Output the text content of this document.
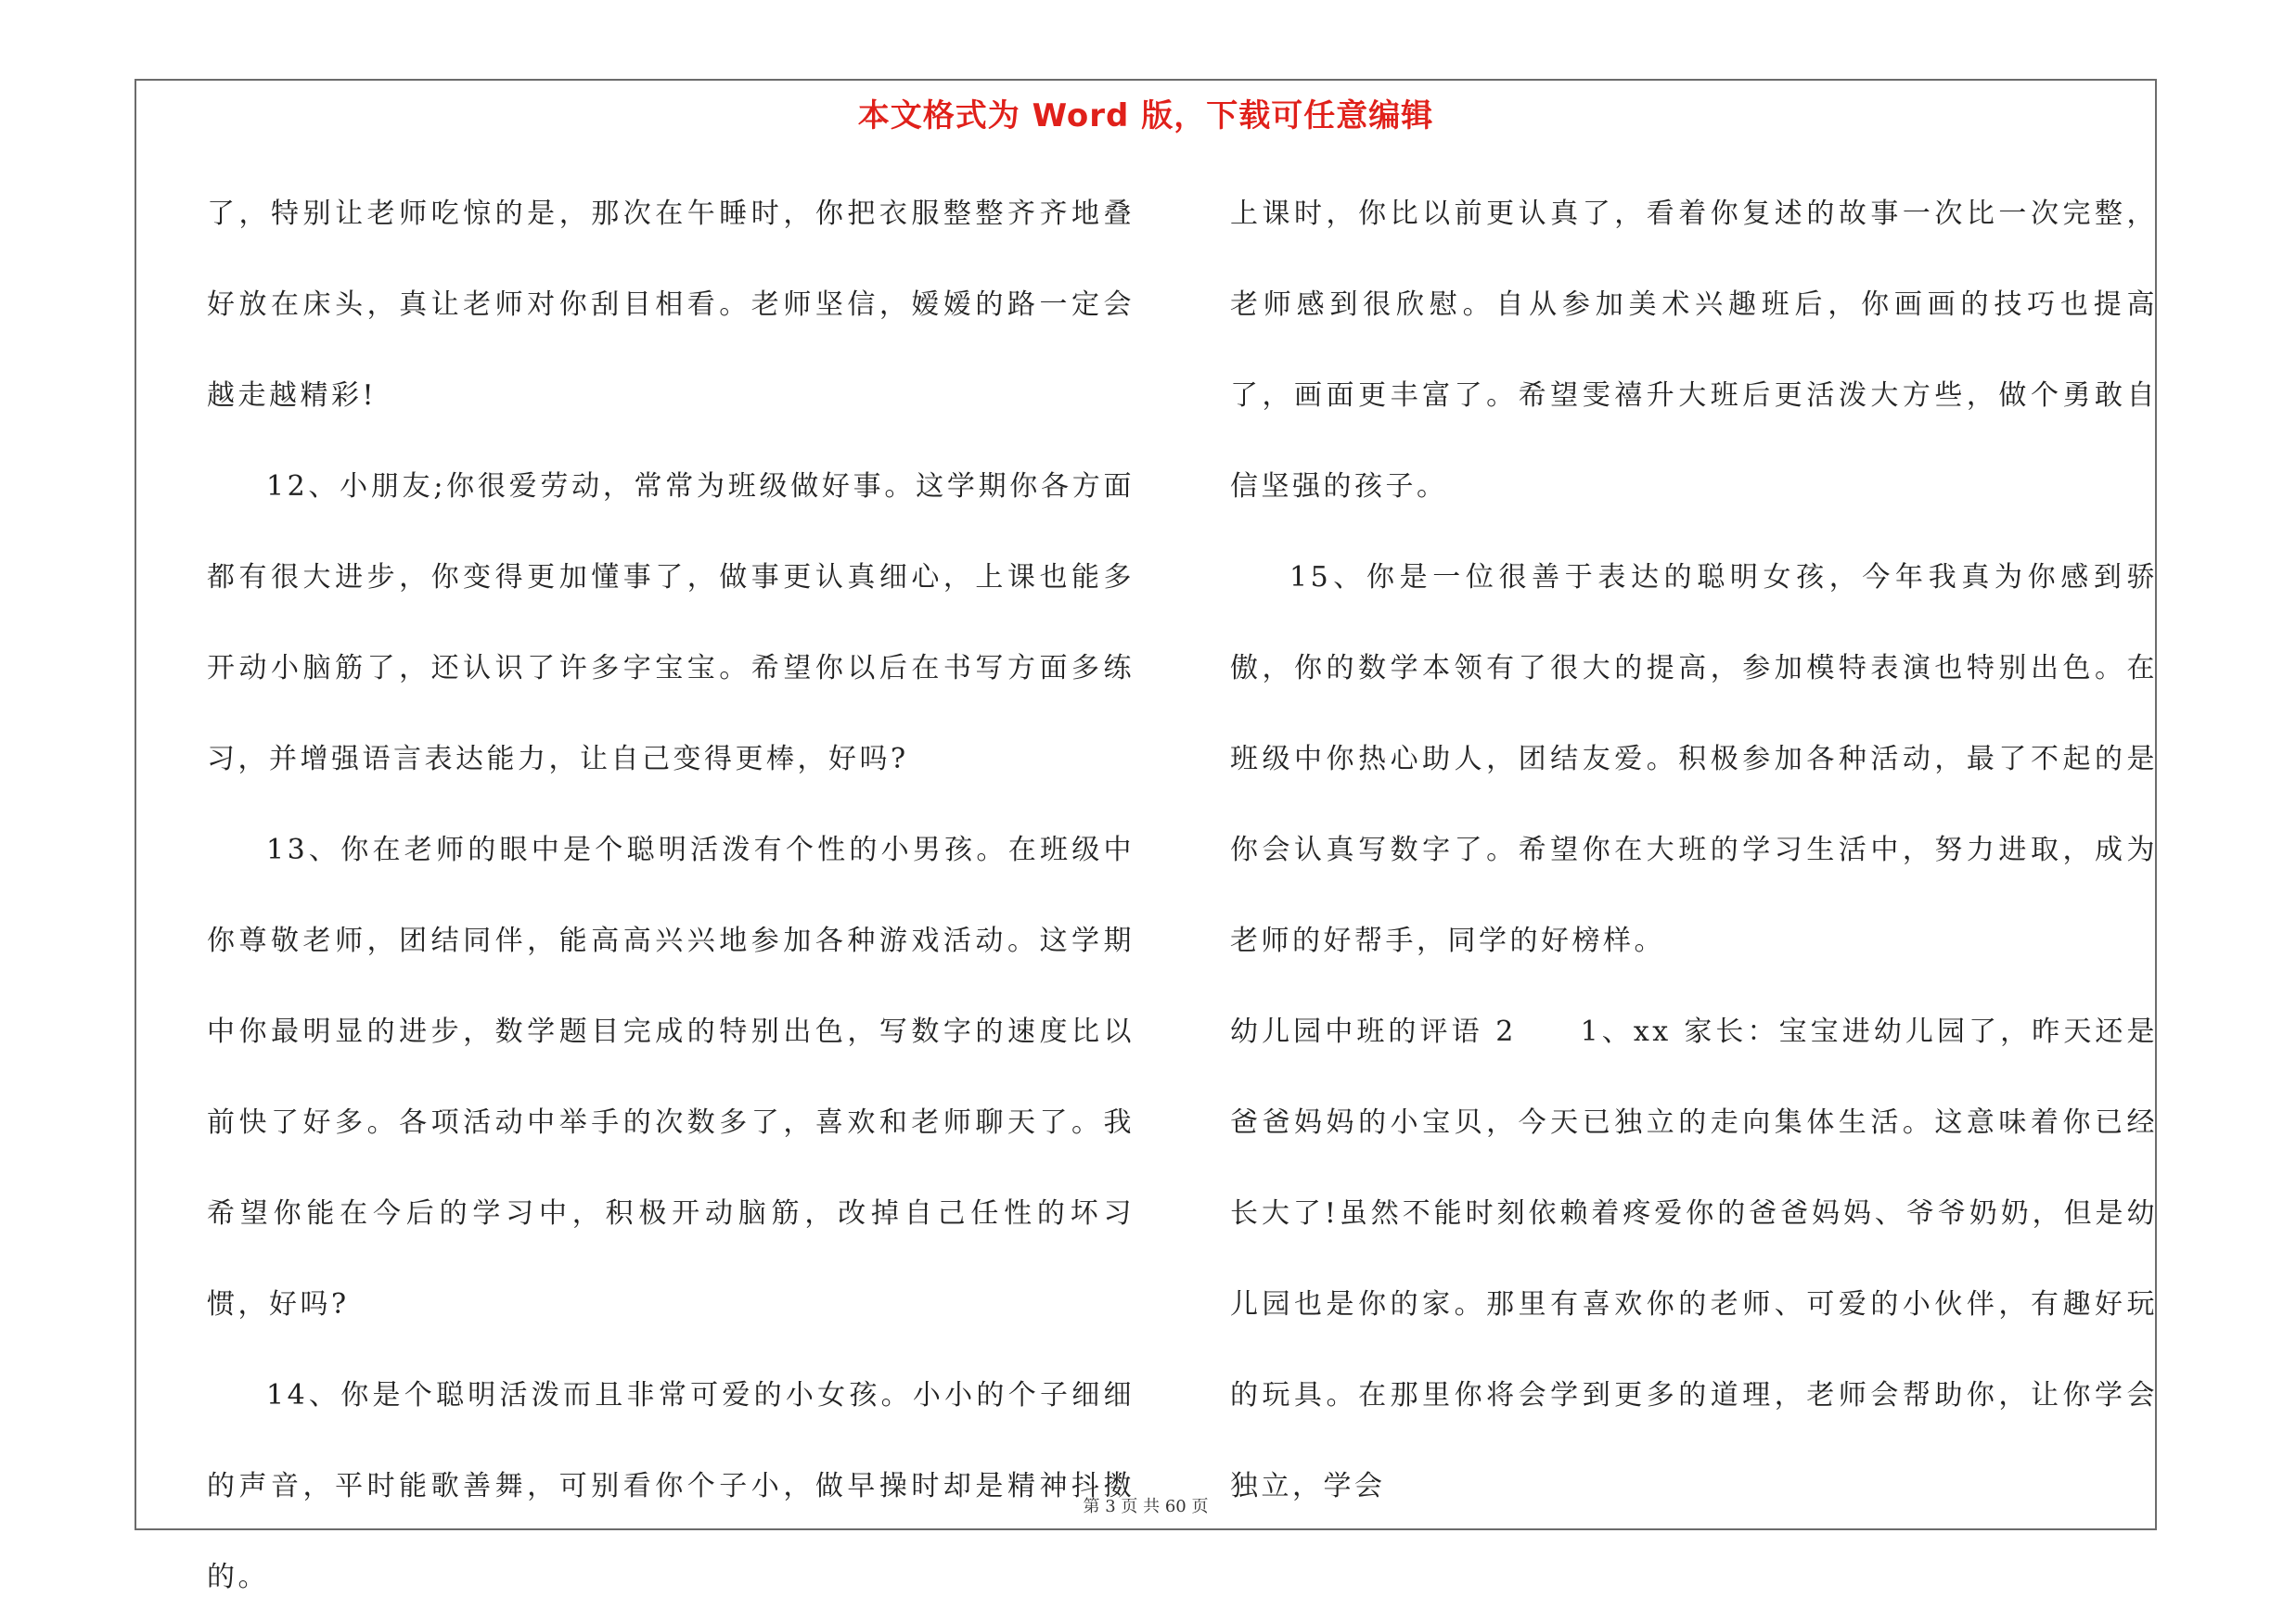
本文格式为 Word 版，下载可任意编辑

了，特别让老师吃惊的是，那次在午睡时，你把衣服整整齐齐地叠好放在床头，真让老师对你刮目相看。老师坚信，嫒嫒的路一定会越走越精彩!

12、小朋友;你很爱劳动，常常为班级做好事。这学期你各方面都有很大进步，你变得更加懂事了，做事更认真细心，上课也能多开动小脑筋了，还认识了许多字宝宝。希望你以后在书写方面多练习，并增强语言表达能力，让自己变得更棒，好吗?

13、你在老师的眼中是个聪明活泼有个性的小男孩。在班级中你尊敬老师，团结同伴，能高高兴兴地参加各种游戏活动。这学期中你最明显的进步，数学题目完成的特别出色，写数字的速度比以前快了好多。各项活动中举手的次数多了，喜欢和老师聊天了。我希望你能在今后的学习中，积极开动脑筋，改掉自己任性的坏习惯，好吗?

14、你是个聪明活泼而且非常可爱的小女孩。小小的个子细细的声音，平时能歌善舞，可别看你个子小，做早操时却是精神抖擞的。

上课时，你比以前更认真了，看着你复述的故事一次比一次完整，老师感到很欣慰。自从参加美术兴趣班后，你画画的技巧也提高了，画面更丰富了。希望雯禧升大班后更活泼大方些，做个勇敢自信坚强的孩子。

15、你是一位很善于表达的聪明女孩，今年我真为你感到骄傲，你的数学本领有了很大的提高，参加模特表演也特别出色。在班级中你热心助人，团结友爱。积极参加各种活动，最了不起的是你会认真写数字了。希望你在大班的学习生活中，努力进取，成为老师的好帮手，同学的好榜样。

幼儿园中班的评语 2　　1、xx 家长：宝宝进幼儿园了，昨天还是爸爸妈妈的小宝贝，今天已独立的走向集体生活。这意味着你已经长大了!虽然不能时刻依赖着疼爱你的爸爸妈妈、爷爷奶奶，但是幼儿园也是你的家。那里有喜欢你的老师、可爱的小伙伴，有趣好玩的玩具。在那里你将会学到更多的道理，老师会帮助你，让你学会独立，学会

第 3 页 共 60 页
